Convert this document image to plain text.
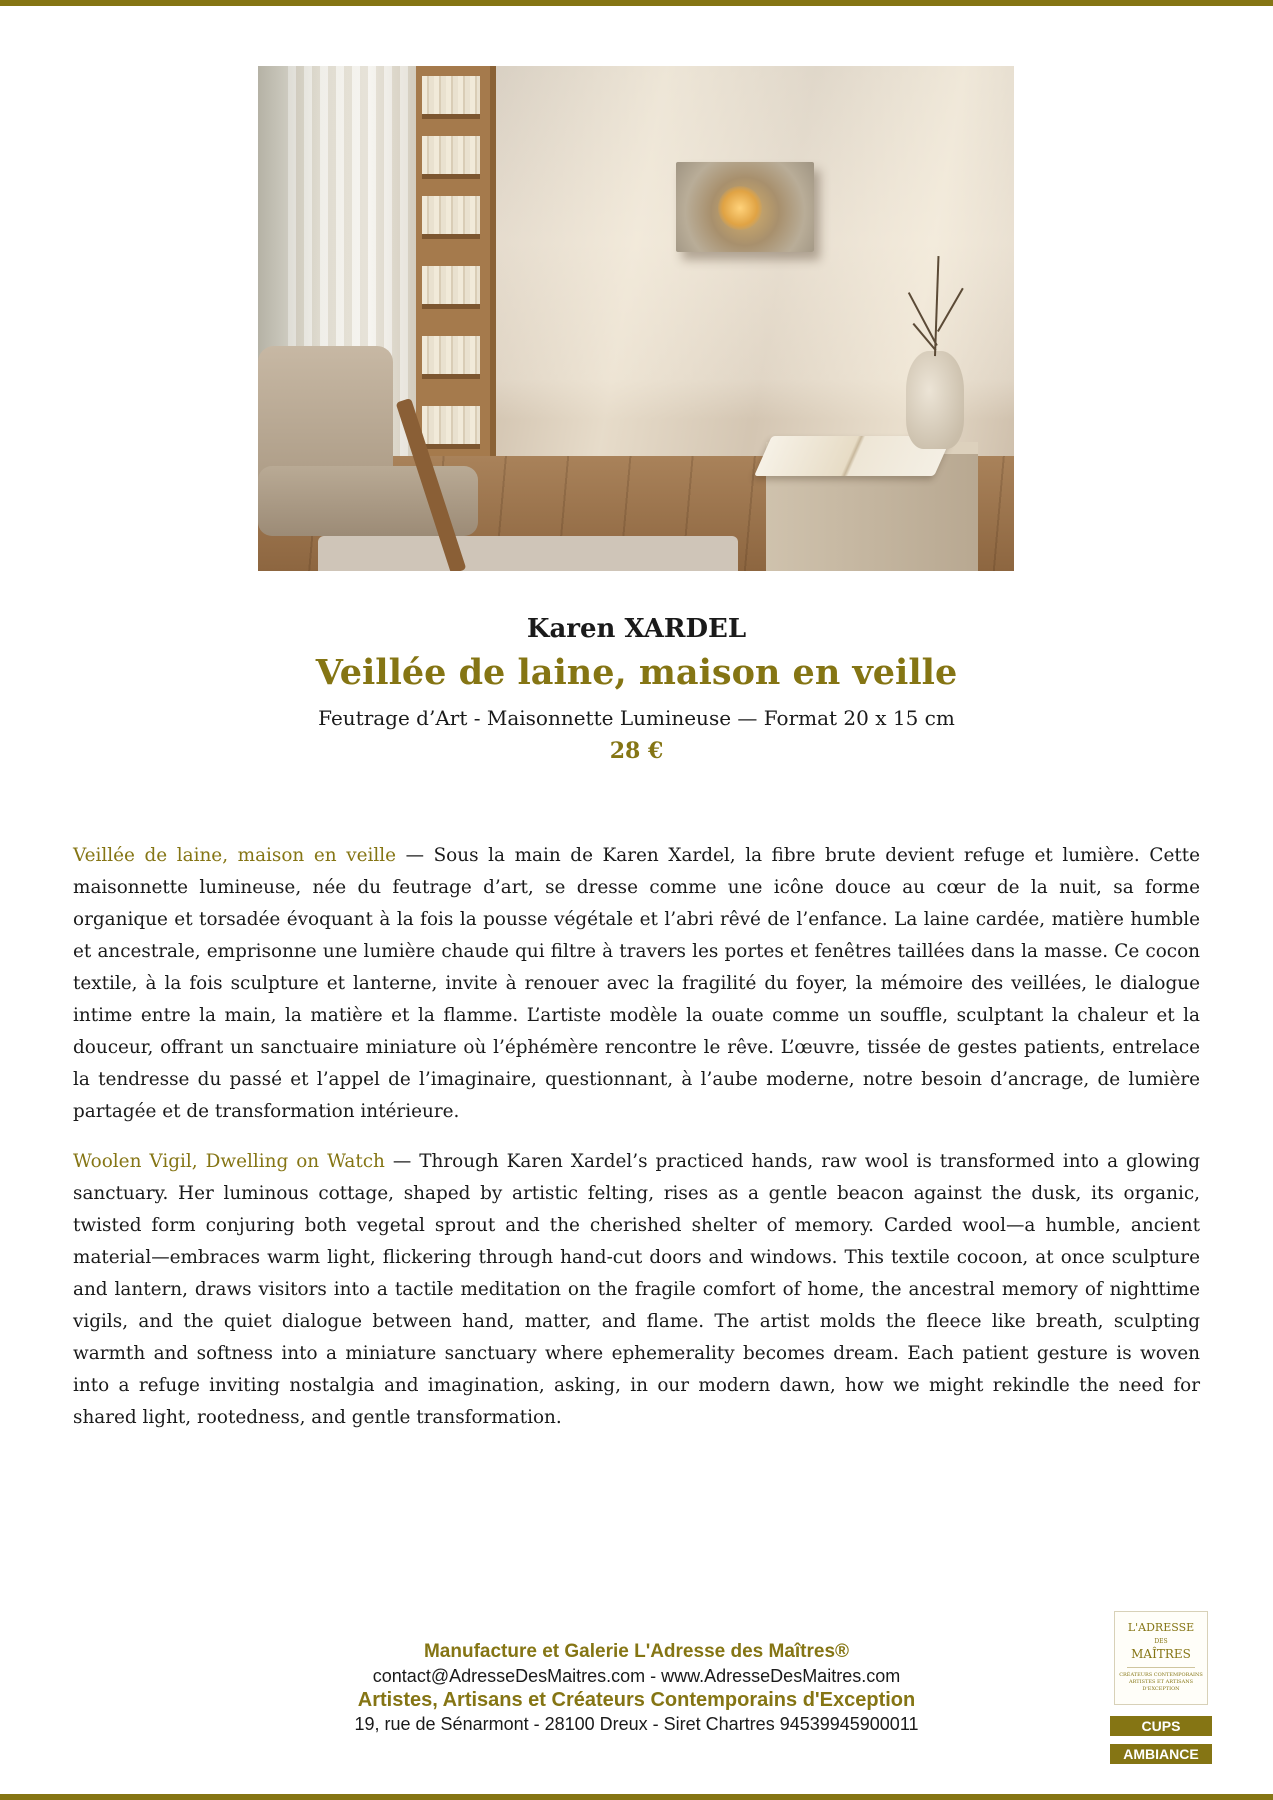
Karen XARDEL
Veillée de laine, maison en veille
Feutrage d’Art - Maisonnette Lumineuse — Format 20 x 15 cm
28 €

Veillée de laine, maison en veille — Sous la main de Karen Xardel, la fibre brute devient refuge et lumière. Cette maisonnette lumineuse, née du feutrage d’art, se dresse comme une icône douce au cœur de la nuit, sa forme organique et torsadée évoquant à la fois la pousse végétale et l’abri rêvé de l’enfance. La laine cardée, matière humble et ancestrale, emprisonne une lumière chaude qui filtre à travers les portes et fenêtres taillées dans la masse. Ce cocon textile, à la fois sculpture et lanterne, invite à renouer avec la fragilité du foyer, la mémoire des veillées, le dialogue intime entre la main, la matière et la flamme. L’artiste modèle la ouate comme un souffle, sculptant la chaleur et la douceur, offrant un sanctuaire miniature où l’éphémère rencontre le rêve. L’œuvre, tissée de gestes patients, entrelace la tendresse du passé et l’appel de l’imaginaire, questionnant, à l’aube moderne, notre besoin d’ancrage, de lumière partagée et de transformation intérieure.

Woolen Vigil, Dwelling on Watch — Through Karen Xardel’s practiced hands, raw wool is transformed into a glowing sanctuary. Her luminous cottage, shaped by artistic felting, rises as a gentle beacon against the dusk, its organic, twisted form conjuring both vegetal sprout and the cherished shelter of memory. Carded wool—a humble, ancient material—embraces warm light, flickering through hand-cut doors and windows. This textile cocoon, at once sculpture and lantern, draws visitors into a tactile meditation on the fragile comfort of home, the ancestral memory of nighttime vigils, and the quiet dialogue between hand, matter, and flame. The artist molds the fleece like breath, sculpting warmth and softness into a miniature sanctuary where ephemerality becomes dream. Each patient gesture is woven into a refuge inviting nostalgia and imagination, asking, in our modern dawn, how we might rekindle the need for shared light, rootedness, and gentle transformation.

Manufacture et Galerie L'Adresse des Maîtres®
contact@AdresseDesMaitres.com - www.AdresseDesMaitres.com
Artistes, Artisans et Créateurs Contemporains d'Exception
19, rue de Sénarmont - 28100 Dreux - Siret Chartres 94539945900011
L'ADRESSE
DES
MAÎTRES
CRÉATEURS CONTEMPORAINS ARTISTES ET ARTISANS D'EXCEPTION
CUPS
AMBIANCE
